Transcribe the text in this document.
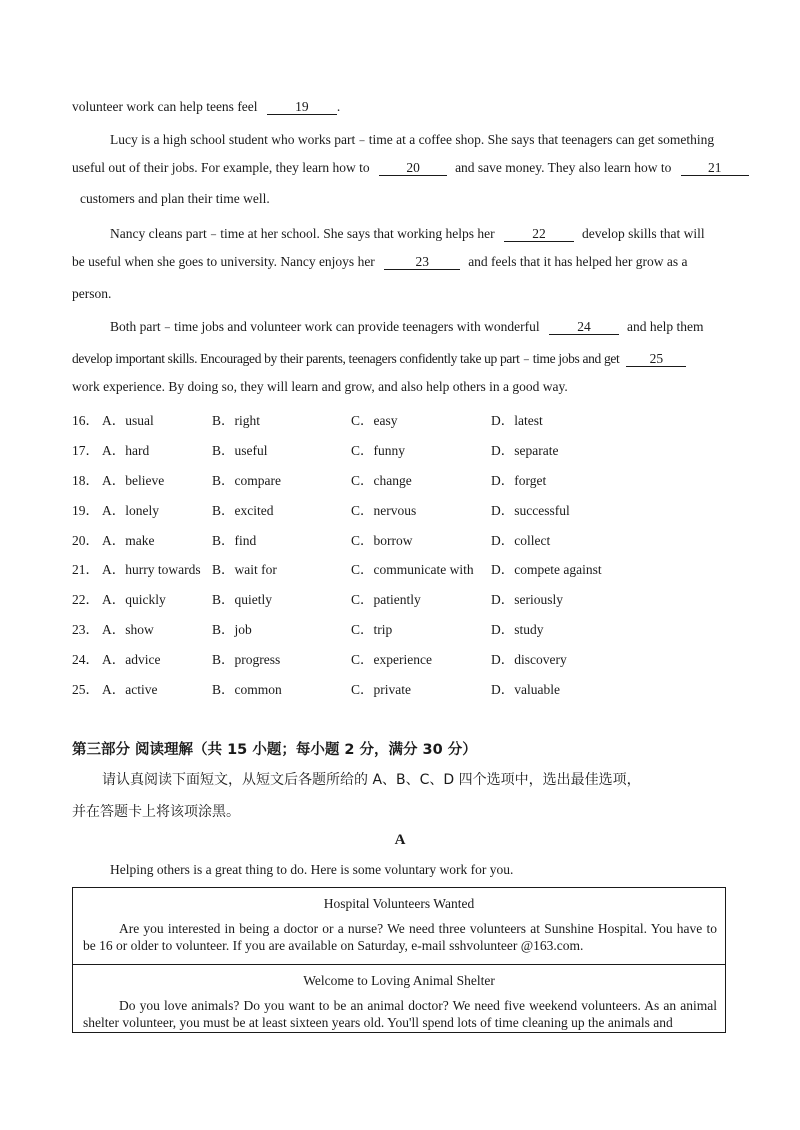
volunteer work can help teens feel	19 .
Lucy is a high school student who works part﹣time at a coffee shop. She says that teenagers can get something
useful out of their jobs. For example, they learn how to	20	and save money. They also learn how to	21
customers and plan their time well.
Nancy cleans part﹣time at her school. She says that working helps her	22	develop skills that will
be useful when she goes to university. Nancy enjoys her	23	and feels that it has helped her grow as a
person.
Both part﹣time jobs and volunteer work can provide teenagers with wonderful	24	and help them
develop important skills. Encouraged by their parents, teenagers confidently take up part﹣time jobs and get 25
work experience. By doing so, they will learn and grow, and also help others in a good way.
16． A．usual	B．right	C．easy	D．latest
17． A．hard	B．useful	C．funny	D．separate
18． A．believe	B．compare	C．change	D．forget
19． A．lonely	B．excited	C．nervous	D．successful
20． A．make	B．find	C．borrow	D．collect
21． A．hurry towards B．wait for	C．communicate with D．compete against
22． A．quickly	B．quietly	C．patiently	D．seriously
23． A．show	B．job	C．trip	D．study
24． A．advice	B．progress	C．experience	D．discovery
25． A．active	B．common	C．private	D．valuable
第三部分 阅读理解（共 15 小题；每小题 2 分，满分 30 分）
请认真阅读下面短文，从短文后各题所给的 A、B、C、D 四个选项中，选出最佳选项，
并在答题卡上将该项涂黑。
A
Helping others is a great thing to do. Here is some voluntary work for you.
Hospital Volunteers Wanted
Are you interested in being a doctor or a nurse? We need three volunteers at Sunshine Hospital. You have to be 16 or older to volunteer. If you are available on Saturday, e-mail sshvolunteer @163.com.
Welcome to Loving Animal Shelter
Do you love animals? Do you want to be an animal doctor? We need five weekend volunteers. As an animal shelter volunteer, you must be at least sixteen years old. You'll spend lots of time cleaning up the animals and
